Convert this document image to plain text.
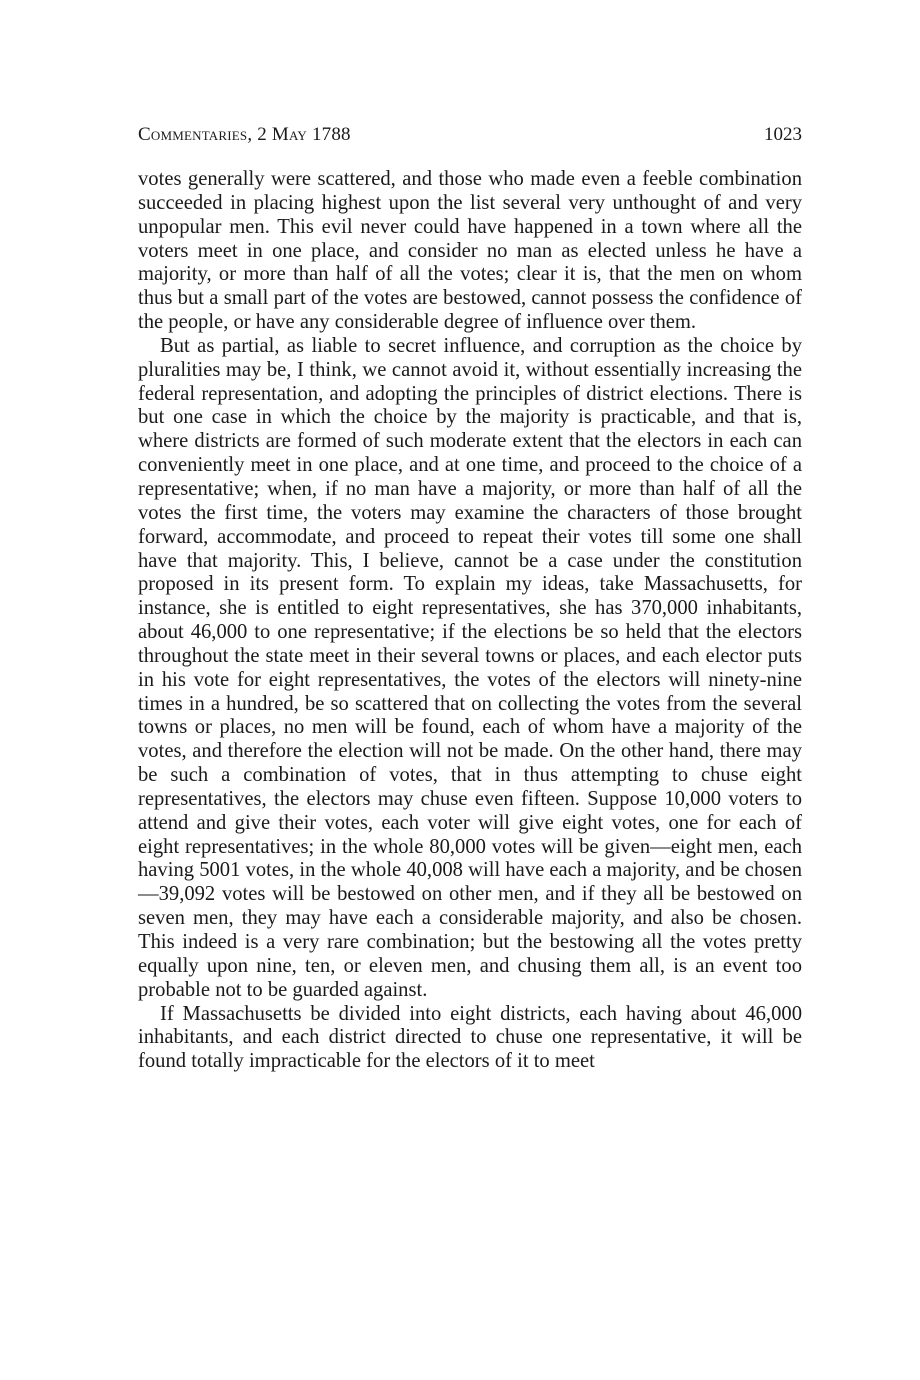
Commentaries, 2 May 1788	1023

votes generally were scattered, and those who made even a feeble combination succeeded in placing highest upon the list several very unthought of and very unpopular men. This evil never could have happened in a town where all the voters meet in one place, and consider no man as elected unless he have a majority, or more than half of all the votes; clear it is, that the men on whom thus but a small part of the votes are bestowed, cannot possess the confidence of the people, or have any considerable degree of influence over them.

But as partial, as liable to secret influence, and corruption as the choice by pluralities may be, I think, we cannot avoid it, without essentially increasing the federal representation, and adopting the principles of district elections. There is but one case in which the choice by the majority is practicable, and that is, where districts are formed of such moderate extent that the electors in each can conveniently meet in one place, and at one time, and proceed to the choice of a representative; when, if no man have a majority, or more than half of all the votes the first time, the voters may examine the characters of those brought forward, accommodate, and proceed to repeat their votes till some one shall have that majority. This, I believe, cannot be a case under the constitution proposed in its present form. To explain my ideas, take Massachusetts, for instance, she is entitled to eight representatives, she has 370,000 inhabitants, about 46,000 to one representative; if the elections be so held that the electors throughout the state meet in their several towns or places, and each elector puts in his vote for eight representatives, the votes of the electors will ninety-nine times in a hundred, be so scattered that on collecting the votes from the several towns or places, no men will be found, each of whom have a majority of the votes, and therefore the election will not be made. On the other hand, there may be such a combination of votes, that in thus attempting to chuse eight representatives, the electors may chuse even fifteen. Suppose 10,000 voters to attend and give their votes, each voter will give eight votes, one for each of eight representatives; in the whole 80,000 votes will be given—eight men, each having 5001 votes, in the whole 40,008 will have each a majority, and be chosen—39,092 votes will be bestowed on other men, and if they all be bestowed on seven men, they may have each a considerable majority, and also be chosen. This indeed is a very rare combination; but the bestowing all the votes pretty equally upon nine, ten, or eleven men, and chusing them all, is an event too probable not to be guarded against.

If Massachusetts be divided into eight districts, each having about 46,000 inhabitants, and each district directed to chuse one representative, it will be found totally impracticable for the electors of it to meet
